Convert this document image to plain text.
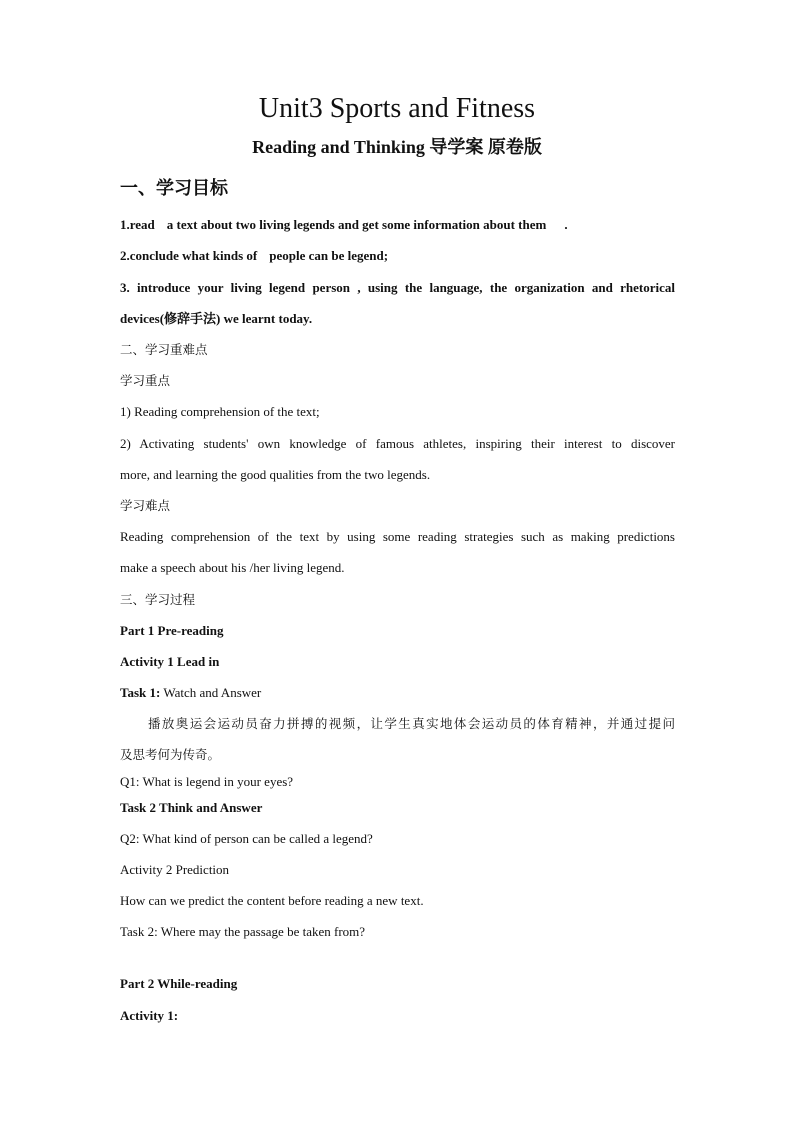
Unit3 Sports and Fitness
Reading and Thinking 导学案 原卷版
一、学习目标
1.read a text about two living legends and get some information about them .
2.conclude what kinds of people can be legend;
3. introduce your living legend person , using the language, the organization and rhetorical
devices(修辞手法) we learnt today.
二、学习重难点
学习重点
1) Reading comprehension of the text;
2) Activating students' own knowledge of famous athletes, inspiring their interest to discover
more, and learning the good qualities from the two legends.
学习难点
Reading comprehension of the text by using some reading strategies such as making predictions
make a speech about his /her living legend.
三、学习过程
Part 1 Pre-reading
Activity 1 Lead in
Task 1: Watch and Answer
播放奥运会运动员奋力拼搏的视频，让学生真实地体会运动员的体育精神，并通过提问
及思考何为传奇。
Q1: What is legend in your eyes?
Task 2 Think and Answer
Q2: What kind of person can be called a legend?
Activity 2 Prediction
How can we predict the content before reading a new text.
Task 2: Where may the passage be taken from?
Part 2 While-reading
Activity 1:
